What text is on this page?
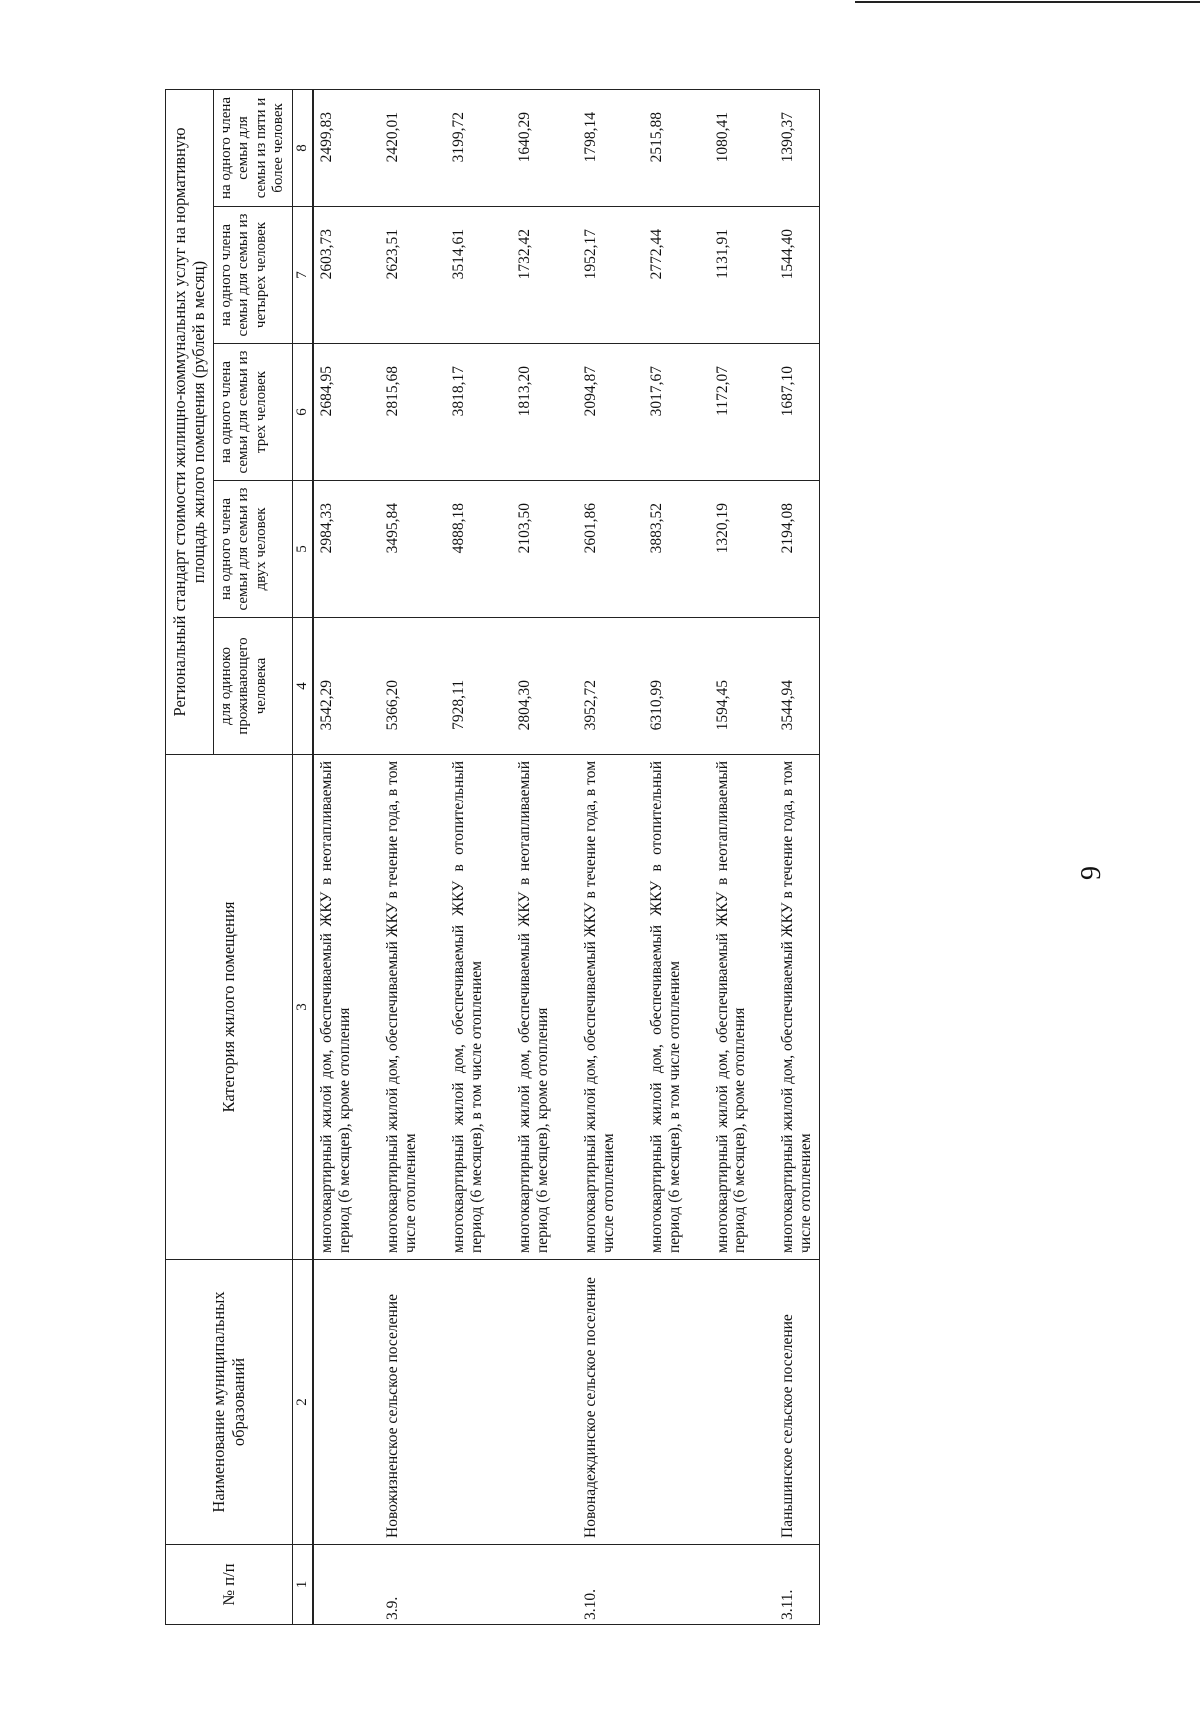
9
№ п/п	Наименование муниципальных образований	Категория жилого помещения	Региональный стандарт стоимости жилищно-коммунальных услуг на нормативную площадь жилого помещения (рублей в месяц)				
			для одиноко проживающего человека	на одного члена семьи для семьи из двух человек	на одного члена семьи для семьи из трех человек	на одного члена семьи для семьи из четырех человек	на одного члена семьи для семьи из пяти и более человек
1	2	3	4	5	6	7	8
		многоквартирный жилой дом, обеспечиваемый ЖКУ в неотапливаемый период (6 месяцев), кроме отопления	3542,29	2984,33	2684,95	2603,73	2499,83
3.9.	Новожизненское сельское поселение	многоквартирный жилой дом, обеспечиваемый ЖКУ в течение года, в том числе отоплением	5366,20	3495,84	2815,68	2623,51	2420,01
		многоквартирный жилой дом, обеспечиваемый ЖКУ в отопительный период (6 месяцев), в том числе отоплением	7928,11	4888,18	3818,17	3514,61	3199,72
		многоквартирный жилой дом, обеспечиваемый ЖКУ в неотапливаемый период (6 месяцев), кроме отопления	2804,30	2103,50	1813,20	1732,42	1640,29
3.10.	Новонадеждинское сельское поселение	многоквартирный жилой дом, обеспечиваемый ЖКУ в течение года, в том числе отоплением	3952,72	2601,86	2094,87	1952,17	1798,14
		многоквартирный жилой дом, обеспечиваемый ЖКУ в отопительный период (6 месяцев), в том числе отоплением	6310,99	3883,52	3017,67	2772,44	2515,88
		многоквартирный жилой дом, обеспечиваемый ЖКУ в неотапливаемый период (6 месяцев), кроме отопления	1594,45	1320,19	1172,07	1131,91	1080,41
3.11.	Паньшинское сельское поселение	многоквартирный жилой дом, обеспечиваемый ЖКУ в течение года, в том числе отоплением	3544,94	2194,08	1687,10	1544,40	1390,37
